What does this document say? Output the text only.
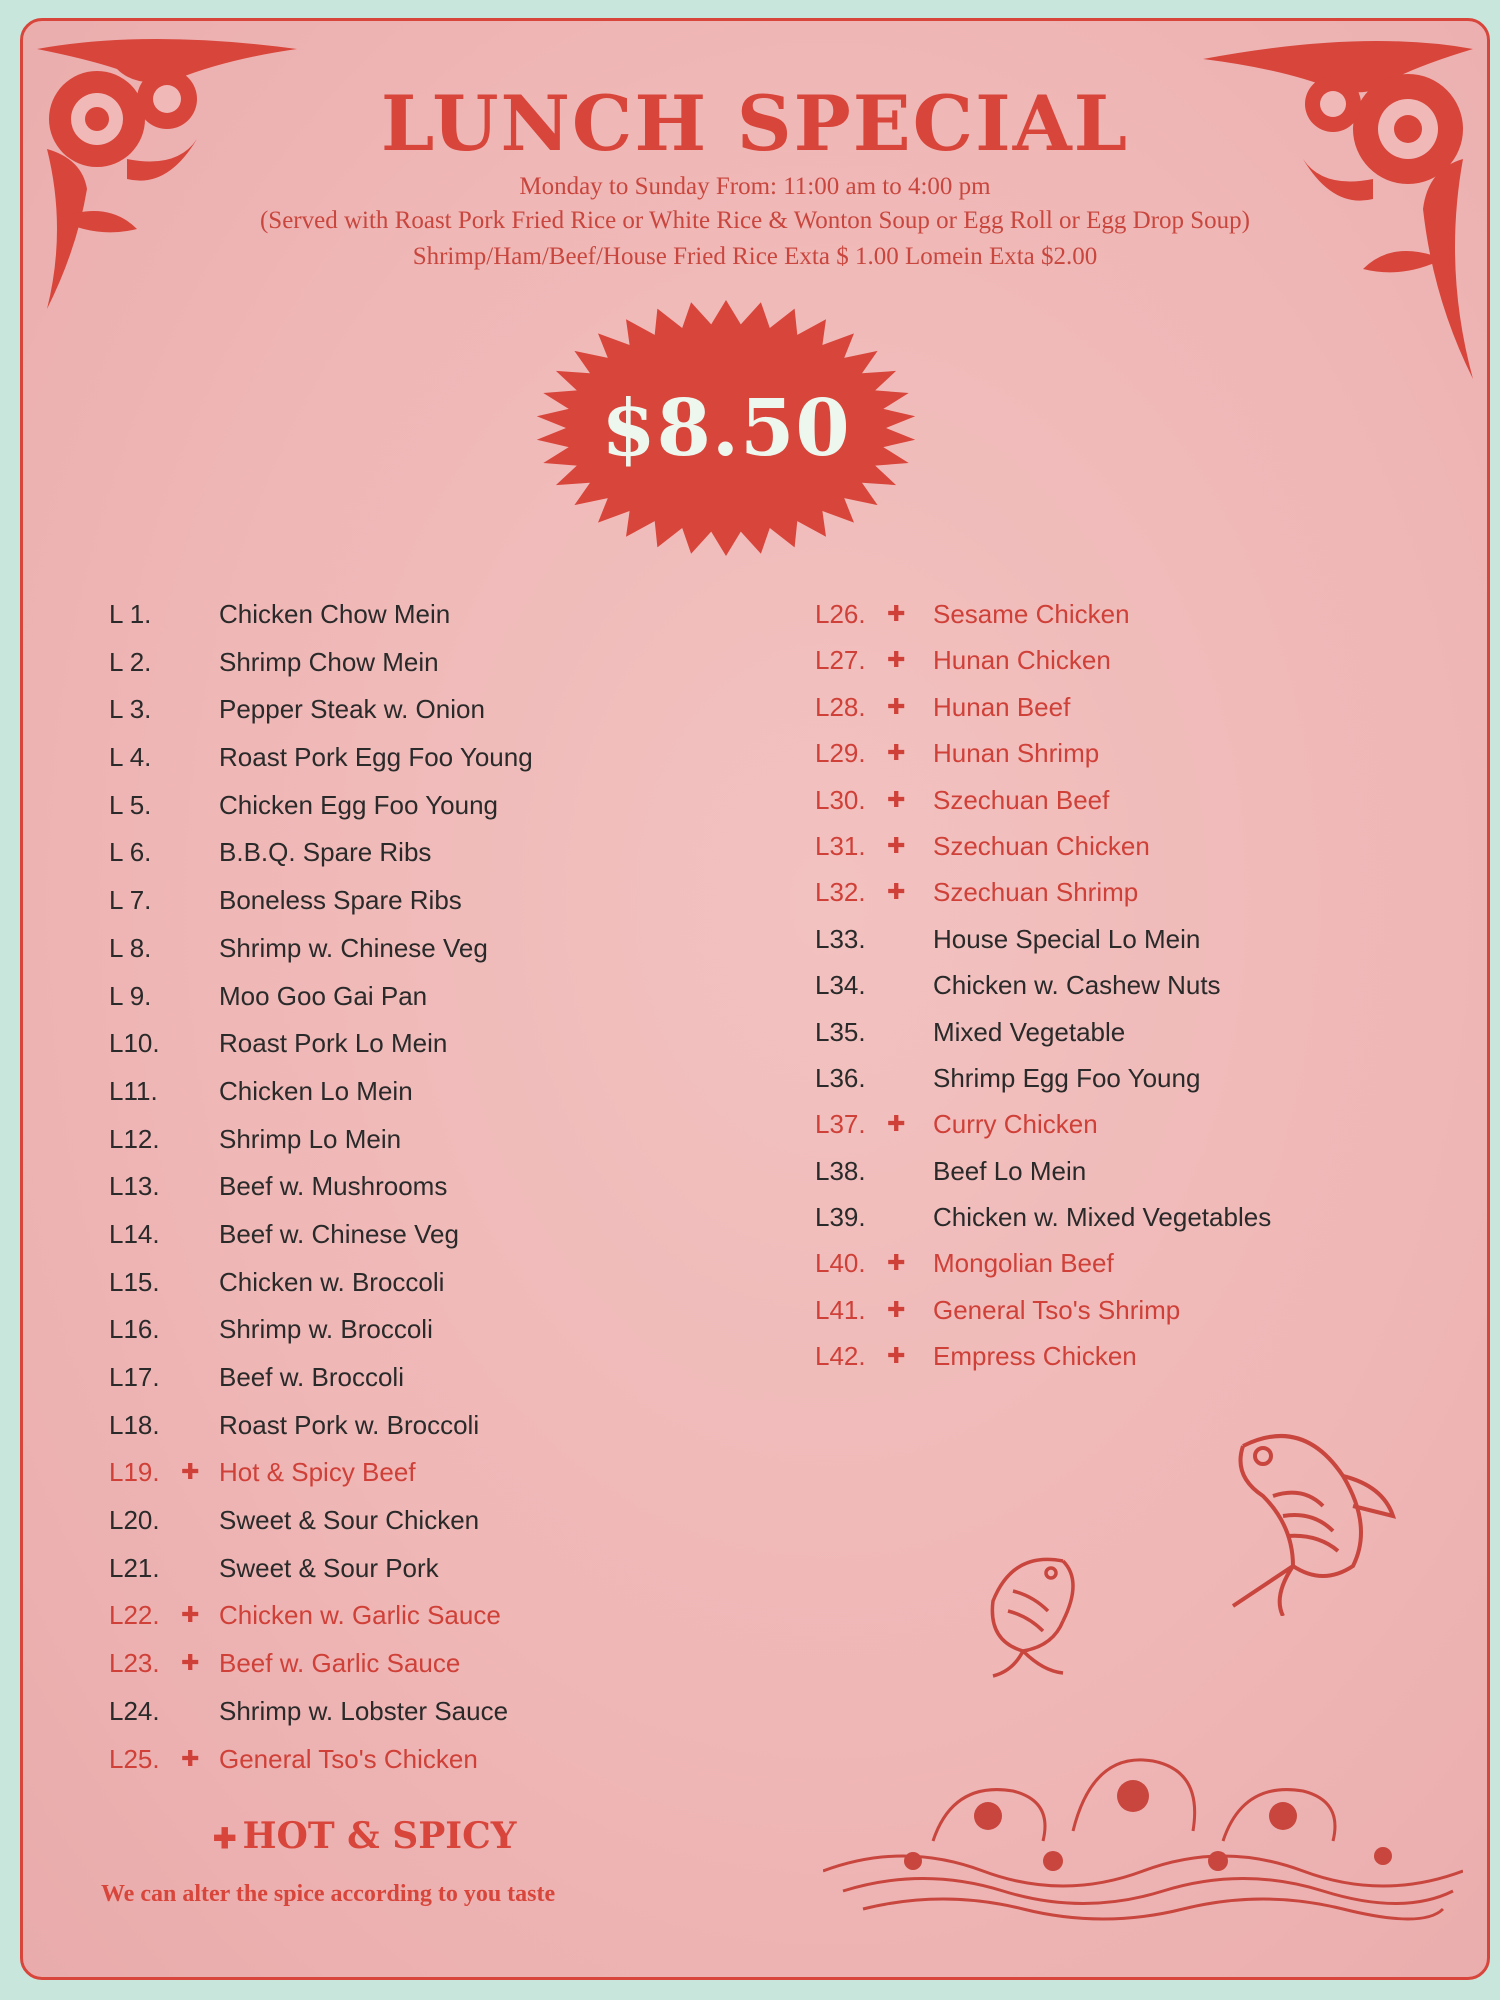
LUNCH SPECIAL
Monday to Sunday From: 11:00 am to 4:00 pm
(Served with Roast Pork Fried Rice or White Rice & Wonton Soup or Egg Roll or Egg Drop Soup)
Shrimp/Ham/Beef/House Fried Rice Exta $ 1.00 Lomein Exta $2.00
$8.50
L 1.	Chicken Chow Mein
L 2.	Shrimp Chow Mein
L 3.	Pepper Steak w. Onion
L 4.	Roast Pork Egg Foo Young
L 5.	Chicken Egg Foo Young
L 6.	B.B.Q. Spare Ribs
L 7.	Boneless Spare Ribs
L 8.	Shrimp w. Chinese Veg
L 9.	Moo Goo Gai Pan
L10. Roast Pork Lo Mein
L11. Chicken Lo Mein
L12. Shrimp Lo Mein
L13. Beef w. Mushrooms
L14. Beef w. Chinese Veg
L15. Chicken w. Broccoli
L16. Shrimp w. Broccoli
L17. Beef w. Broccoli
L18. Roast Pork w. Broccoli
L19. ✚ Hot & Spicy Beef
L20. Sweet & Sour Chicken
L21. Sweet & Sour Pork
L22. ✚ Chicken w. Garlic Sauce
L23. ✚ Beef w. Garlic Sauce
L24. Shrimp w. Lobster Sauce
L25. ✚ General Tso's Chicken
L26. ✚ Sesame Chicken
L27. ✚ Hunan Chicken
L28. ✚ Hunan Beef
L29. ✚ Hunan Shrimp
L30. ✚ Szechuan Beef
L31. ✚ Szechuan Chicken
L32. ✚ Szechuan Shrimp
L33.	House Special Lo Mein
L34.	Chicken w. Cashew Nuts
L35.	Mixed Vegetable
L36.	Shrimp Egg Foo Young
L37. ✚ Curry Chicken
L38.	Beef Lo Mein
L39.	Chicken w. Mixed Vegetables
L40. ✚ Mongolian Beef
L41. ✚ General Tso's Shrimp
L42. ✚ Empress Chicken
✚ HOT & SPICY
We can alter the spice according to you taste
